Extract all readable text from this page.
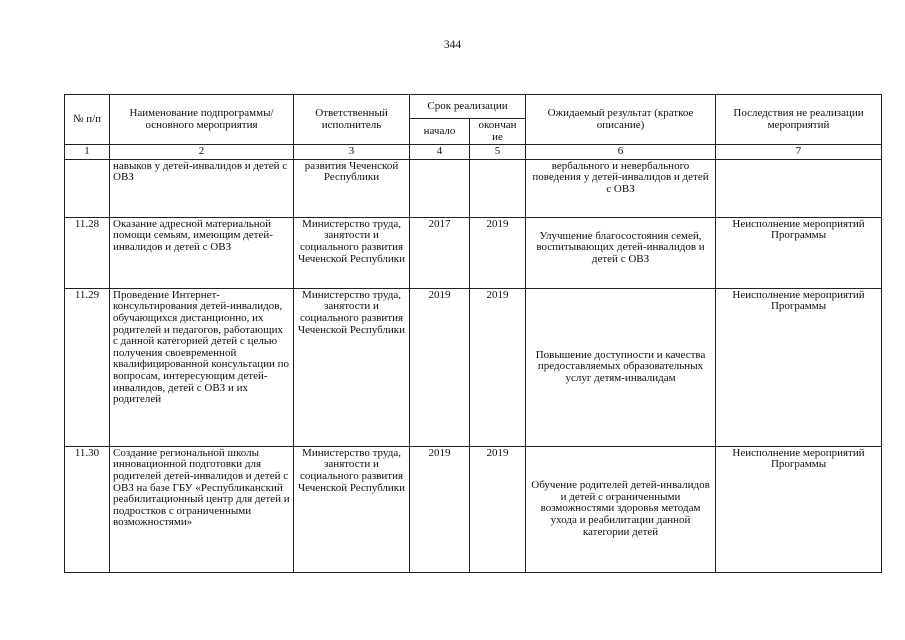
344
№ п/п	Наименование подпрограммы/ основного мероприятия	Ответственный исполнитель	Срок реализации		Ожидаемый результат (краткое описание)	Последствия не реализации мероприятий
			начало	окончан ие		
1	2	3	4	5	6	7
	навыков у детей-инвалидов и детей с ОВЗ	развития Чеченской Республики			вербального и невербального поведения у детей-инвалидов и детей с ОВЗ	
11.28	Оказание адресной материальной помощи семьям, имеющим детей-инвалидов и детей с ОВЗ	Министерство труда, занятости и социального развития Чеченской Республики	2017	2019	Улучшение благосостояния семей, воспитывающих детей-инвалидов и детей с ОВЗ	Неисполнение мероприятий Программы
11.29	Проведение Интернет-консультирования детей-инвалидов, обучающихся дистанционно, их родителей и педагогов, работающих с данной категорией детей с целью получения своевременной квалифицированной консультации по вопросам, интересующим детей-инвалидов, детей с ОВЗ и их родителей	Министерство труда, занятости и социального развития Чеченской Республики	2019	2019	Повышение доступности и качества предоставляемых образовательных услуг детям-инвалидам	Неисполнение мероприятий Программы
11.30	Создание региональной школы инновационной подготовки для родителей детей-инвалидов и детей с ОВЗ на базе ГБУ «Республиканский реабилитационный центр для детей и подростков с ограниченными возможностями»	Министерство труда, занятости и социального развития Чеченской Республики	2019	2019	Обучение родителей детей-инвалидов и детей с ограниченными возможностями здоровья методам ухода и реабилитации данной категории детей	Неисполнение мероприятий Программы
